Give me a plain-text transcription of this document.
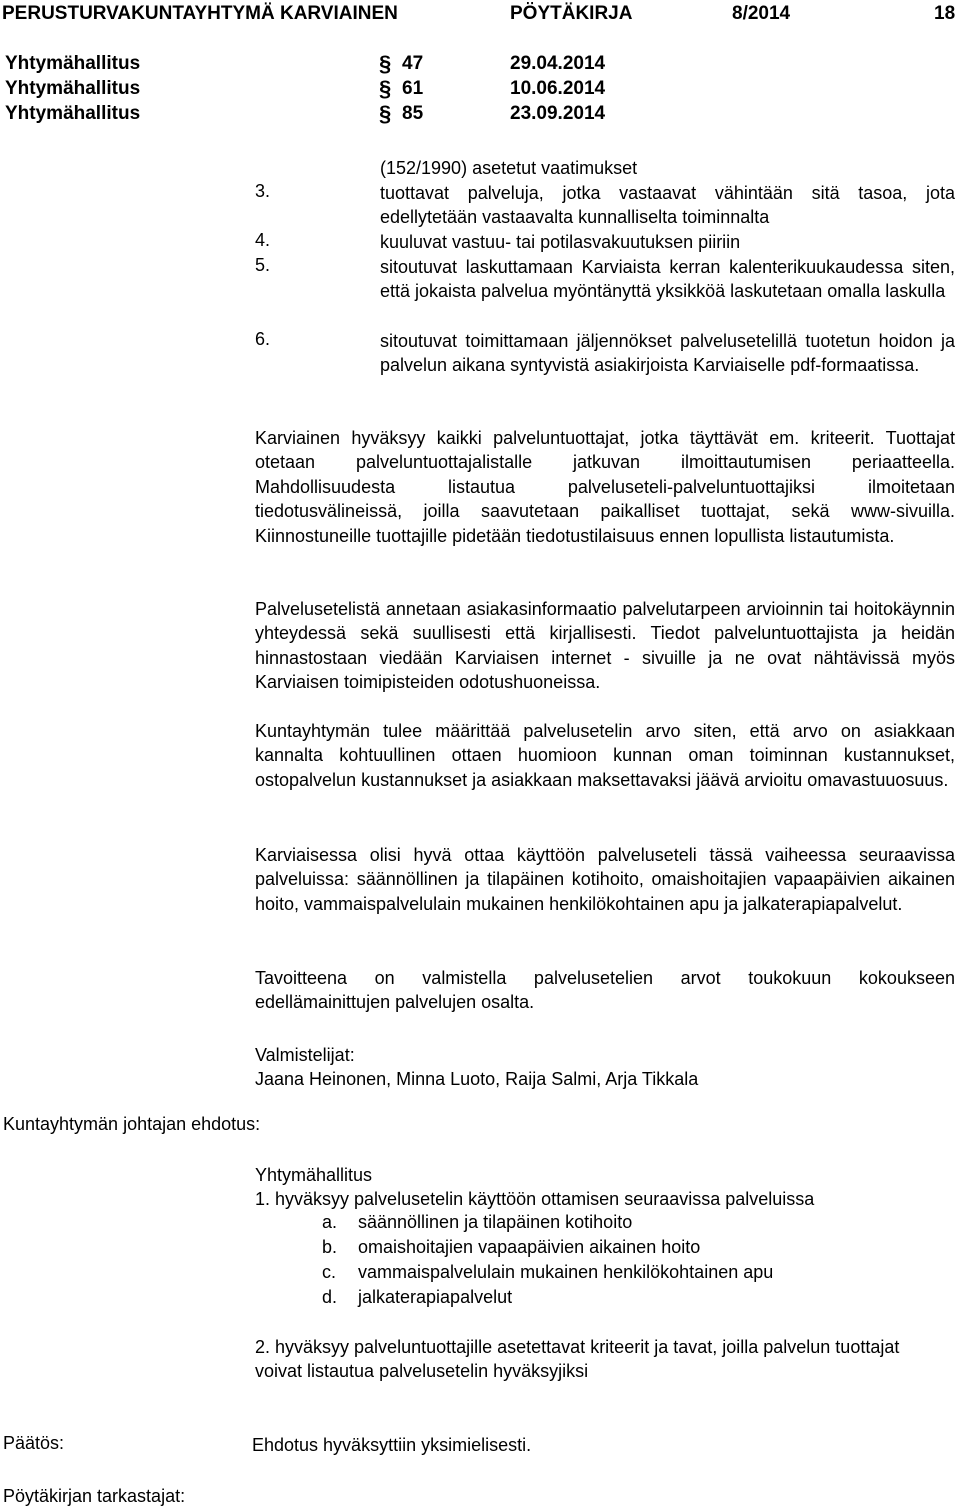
PERUSTURVAKUNTAYHTYMÄ KARVIAINEN	PÖYTÄKIRJA	8/2014	18
Yhtymähallitus	§ 47	29.04.2014
Yhtymähallitus	§ 61	10.06.2014
Yhtymähallitus	§ 85	23.09.2014
(152/1990) asetetut vaatimukset
3.	tuottavat palveluja, jotka vastaavat vähintään sitä tasoa, jota edellytetään vastaavalta kunnalliselta toiminnalta
4.	kuuluvat vastuu- tai potilasvakuutuksen piiriin
5.	sitoutuvat laskuttamaan Karviaista kerran kalenterikuukaudessa siten, että jokaista palvelua myöntänyttä yksikköä laskutetaan omalla laskulla
6.	sitoutuvat toimittamaan jäljennökset palvelusetelillä tuotetun hoidon ja palvelun aikana syntyvistä asiakirjoista Karviaiselle pdf-formaatissa.

Karviainen hyväksyy kaikki palveluntuottajat, jotka täyttävät em. kriteerit. Tuottajat otetaan palveluntuottajalistalle jatkuvan ilmoittautumisen periaatteella. Mahdollisuudesta listautua palveluseteli-palveluntuottajiksi ilmoitetaan tiedotusvälineissä, joilla saavutetaan paikalliset tuottajat, sekä www-sivuilla. Kiinnostuneille tuottajille pidetään tiedotustilaisuus ennen lopullista listautumista.

Palvelusetelistä annetaan asiakasinformaatio palvelutarpeen arvioinnin tai hoitokäynnin yhteydessä sekä suullisesti että kirjallisesti. Tiedot palveluntuottajista ja heidän hinnastostaan viedään Karviaisen internet - sivuille ja ne ovat nähtävissä myös Karviaisen toimipisteiden odotushuoneissa.

Kuntayhtymän tulee määrittää palvelusetelin arvo siten, että arvo on asiakkaan kannalta kohtuullinen ottaen huomioon kunnan oman toiminnan kustannukset, ostopalvelun kustannukset ja asiakkaan maksettavaksi jäävä arvioitu omavastuuosuus.

Karviaisessa olisi hyvä ottaa käyttöön palveluseteli tässä vaiheessa seuraavissa palveluissa: säännöllinen ja tilapäinen kotihoito, omaishoitajien vapaapäivien aikainen hoito, vammaispalvelulain mukainen henkilökohtainen apu ja jalkaterapiapalvelut.

Tavoitteena on valmistella palvelusetelien arvot toukokuun kokoukseen edellämainittujen palvelujen osalta.

Valmistelijat:
Jaana Heinonen, Minna Luoto, Raija Salmi, Arja Tikkala
Kuntayhtymän johtajan ehdotus:
Yhtymähallitus
1. hyväksyy palvelusetelin käyttöön ottamisen seuraavissa palveluissa
a. säännöllinen ja tilapäinen kotihoito
b. omaishoitajien vapaapäivien aikainen hoito
c. vammaispalvelulain mukainen henkilökohtainen apu
d. jalkaterapiapalvelut

2. hyväksyy palveluntuottajille asetettavat kriteerit ja tavat, joilla palvelun tuottajat voivat listautua palvelusetelin hyväksyjiksi

Päätös:	Ehdotus hyväksyttiin yksimielisesti.
Pöytäkirjan tarkastajat:
